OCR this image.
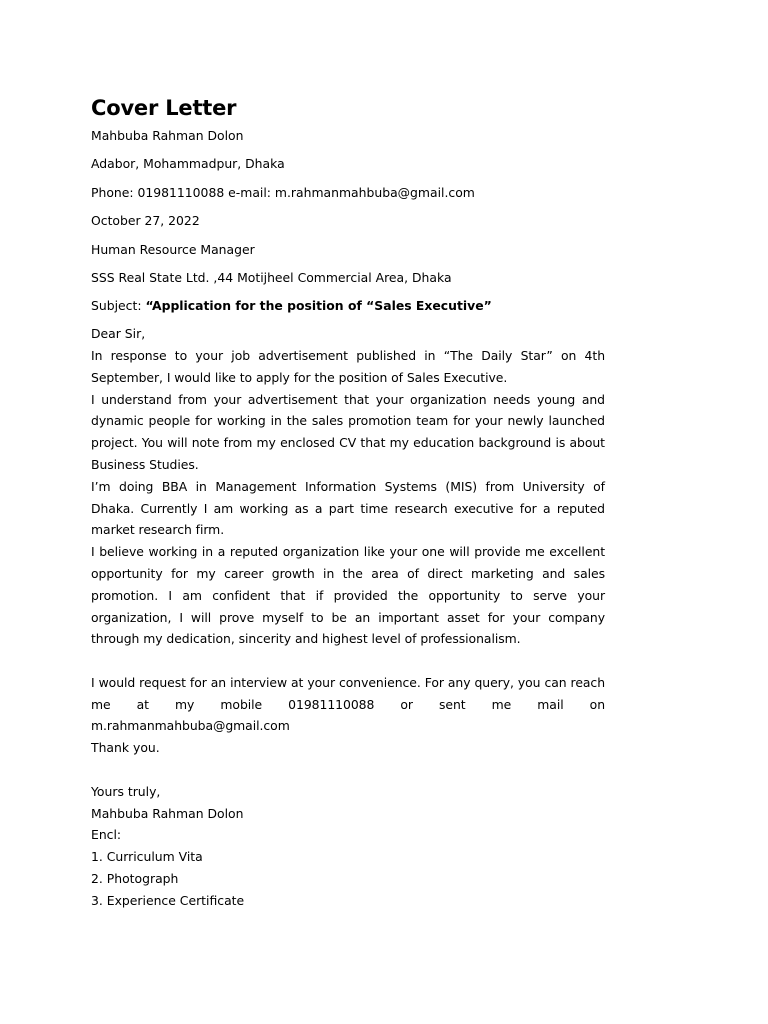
Cover Letter
Mahbuba Rahman Dolon
Adabor, Mohammadpur, Dhaka
Phone: 01981110088 e-mail: m.rahmanmahbuba@gmail.com
October 27, 2022
Human Resource Manager
SSS Real State Ltd. ,44 Motijheel Commercial Area, Dhaka
Subject: “Application for the position of “Sales Executive”

Dear Sir,

In response to your job advertisement published in “The Daily Star” on 4th September, I would like to apply for the position of Sales Executive.

I understand from your advertisement that your organization needs young and dynamic people for working in the sales promotion team for your newly launched project. You will note from my enclosed CV that my education background is about Business Studies.

I’m doing BBA in Management Information Systems (MIS) from University of Dhaka. Currently I am working as a part time research executive for a reputed market research firm.

I believe working in a reputed organization like your one will provide me excellent opportunity for my career growth in the area of direct marketing and sales promotion. I am confident that if provided the opportunity to serve your organization, I will prove myself to be an important asset for your company through my dedication, sincerity and highest level of professionalism.

I would request for an interview at your convenience. For any query, you can reach me at my mobile 01981110088 or sent me mail on m.rahmanmahbuba@gmail.com

Thank you.

Yours truly,

Mahbuba Rahman Dolon

Encl:

1. Curriculum Vita

2. Photograph

3. Experience Certificate
